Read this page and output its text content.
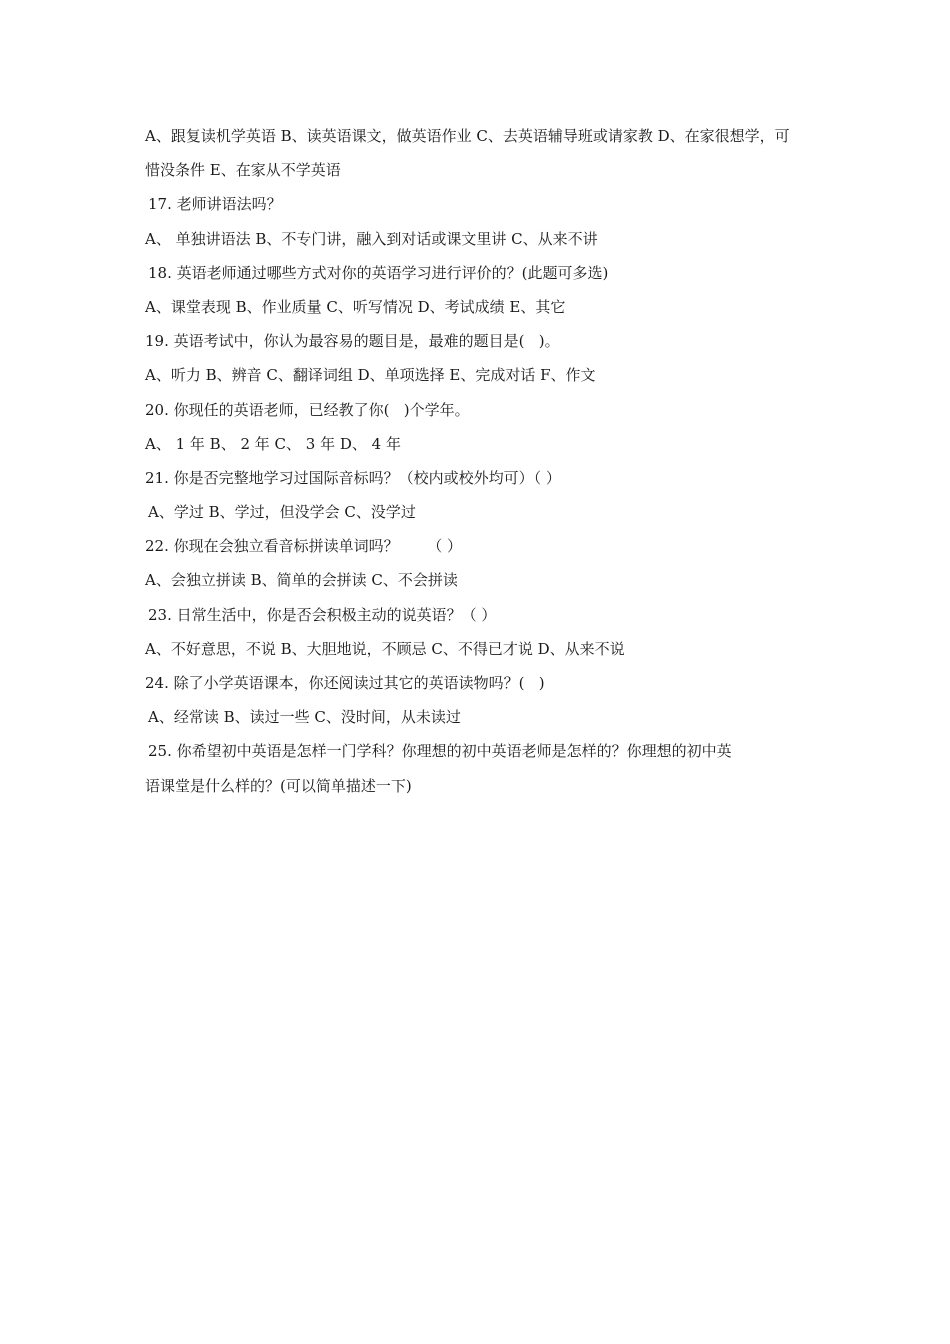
A、跟复读机学英语 B、读英语课文，做英语作业 C、去英语辅导班或请家教 D、在家很想学，可
惜没条件 E、在家从不学英语
17. 老师讲语法吗？
A、 单独讲语法 B、不专门讲，融入到对话或课文里讲 C、从来不讲
18. 英语老师通过哪些方式对你的英语学习进行评价的？(此题可多选)
A、课堂表现 B、作业质量 C、听写情况 D、考试成绩 E、其它
19. 英语考试中，你认为最容易的题目是，最难的题目是(   )。
A、听力 B、辨音 C、翻译词组 D、单项选择 E、完成对话 F、作文
20. 你现任的英语老师，已经教了你(   )个学年。
A、 1 年 B、 2 年 C、 3 年 D、 4 年
21. 你是否完整地学习过国际音标吗？（校内或校外均可）（ ）
A、学过 B、学过，但没学会 C、没学过
22. 你现在会独立看音标拼读单词吗？      （ ）
A、会独立拼读 B、简单的会拼读 C、不会拼读
23. 日常生活中，你是否会积极主动的说英语？（ ）
A、不好意思，不说 B、大胆地说，不顾忌 C、不得已才说 D、从来不说
24. 除了小学英语课本，你还阅读过其它的英语读物吗？(   )
A、经常读 B、读过一些 C、没时间，从未读过
25. 你希望初中英语是怎样一门学科？你理想的初中英语老师是怎样的？你理想的初中英
语课堂是什么样的？(可以简单描述一下)
